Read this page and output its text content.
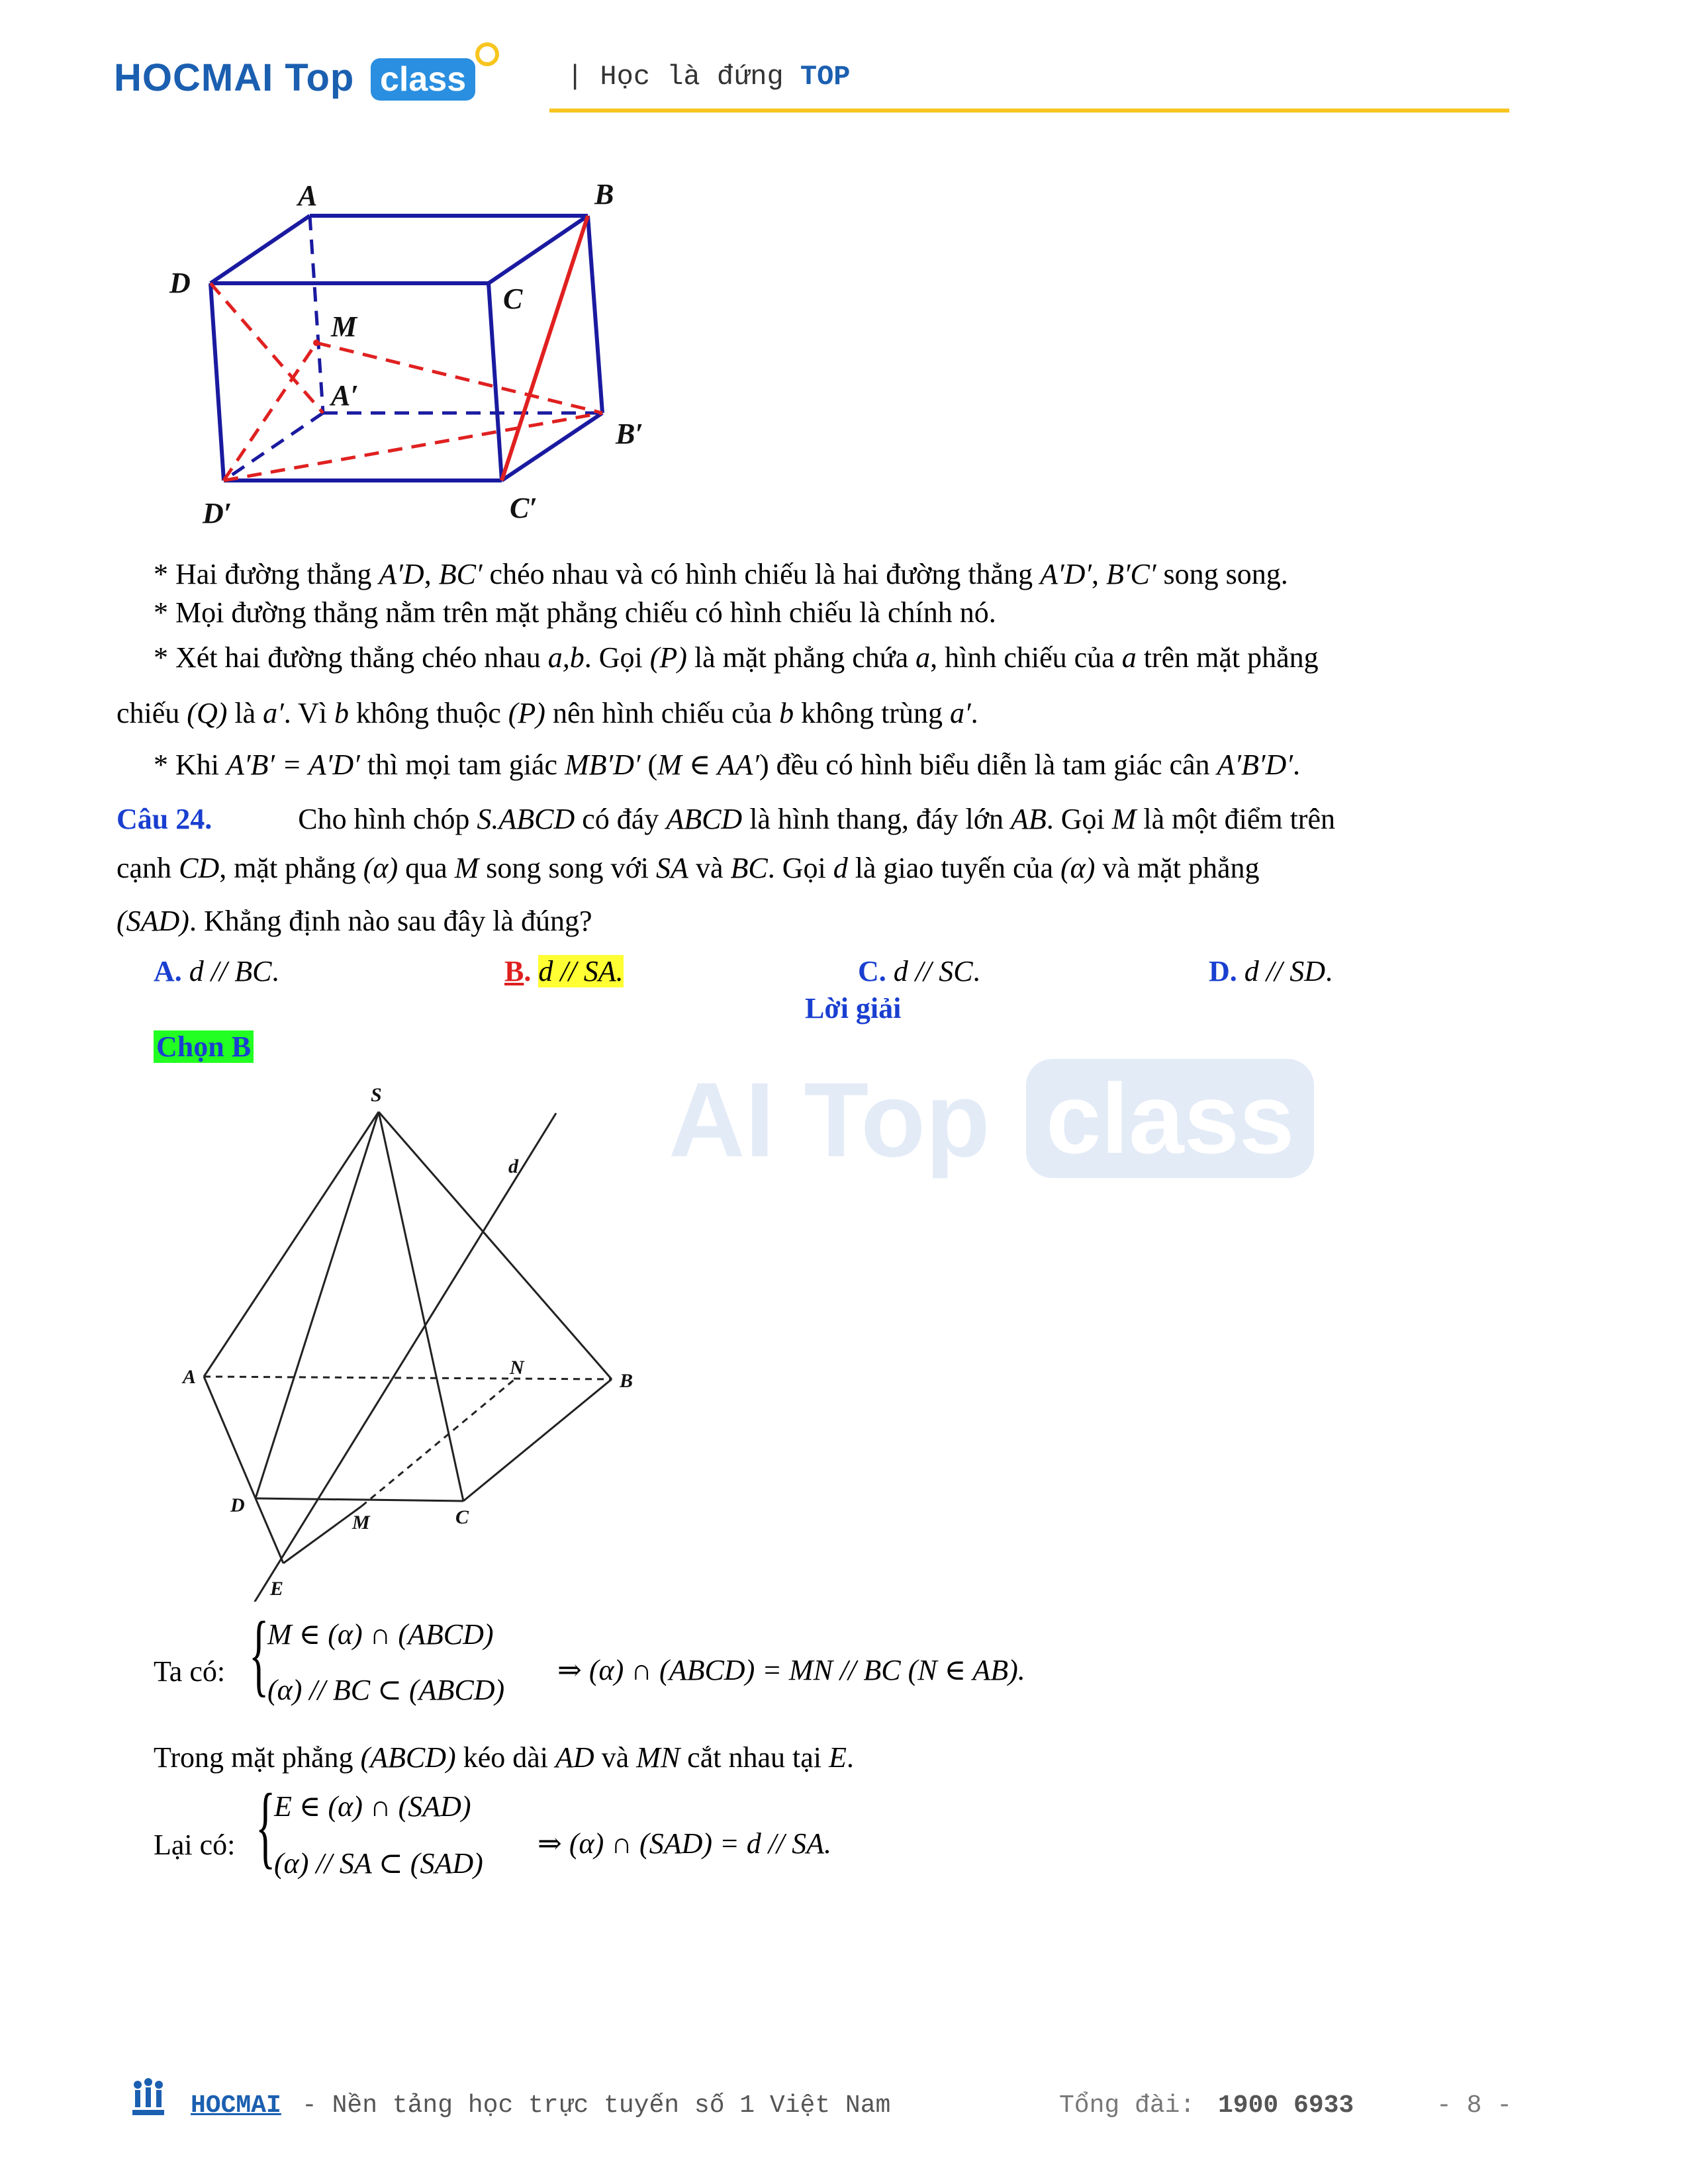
HOCMAI Top class	| Học là đứng TOP
A	B
C
D
M
A′
B′
C′
D′
* Hai đường thẳng A′D, BC′ chéo nhau và có hình chiếu là hai đường thẳng A′D′, B′C′ song song.
* Mọi đường thẳng nằm trên mặt phẳng chiếu có hình chiếu là chính nó.
* Xét hai đường thẳng chéo nhau a,b. Gọi (P) là mặt phẳng chứa a, hình chiếu của a trên mặt phẳng
chiếu (Q) là a′. Vì b không thuộc (P) nên hình chiếu của b không trùng a′.
* Khi A′B′ = A′D′ thì mọi tam giác MB′D′ (M ∈ AA′) đều có hình biểu diễn là tam giác cân A′B′D′.
Câu 24.	Cho hình chóp S.ABCD có đáy ABCD là hình thang, đáy lớn AB. Gọi M là một điểm trên
cạnh CD, mặt phẳng (α) qua M song song với SA và BC. Gọi d là giao tuyến của (α) và mặt phẳng
(SAD). Khẳng định nào sau đây là đúng?
A. d // BC.	B. d // SA.	C. d // SC.	D. d // SD.
Lời giải
Chọn B
AI Top class
S
d
A	N
B
D
M	C
E
Ta có: {
M ∈ (α) ∩ (ABCD)
(α) // BC ⊂ (ABCD)
⇒ (α) ∩ (ABCD) = MN // BC (N ∈ AB).
Trong mặt phẳng (ABCD) kéo dài AD và MN cắt nhau tại E.
Lại có: {
E ∈ (α) ∩ (SAD)
(α) // SA ⊂ (SAD)
⇒ (α) ∩ (SAD) = d // SA.
HOCMAI - Nền tảng học trực tuyến số 1 Việt Nam	Tổng đài: 1900 6933	- 8 -
